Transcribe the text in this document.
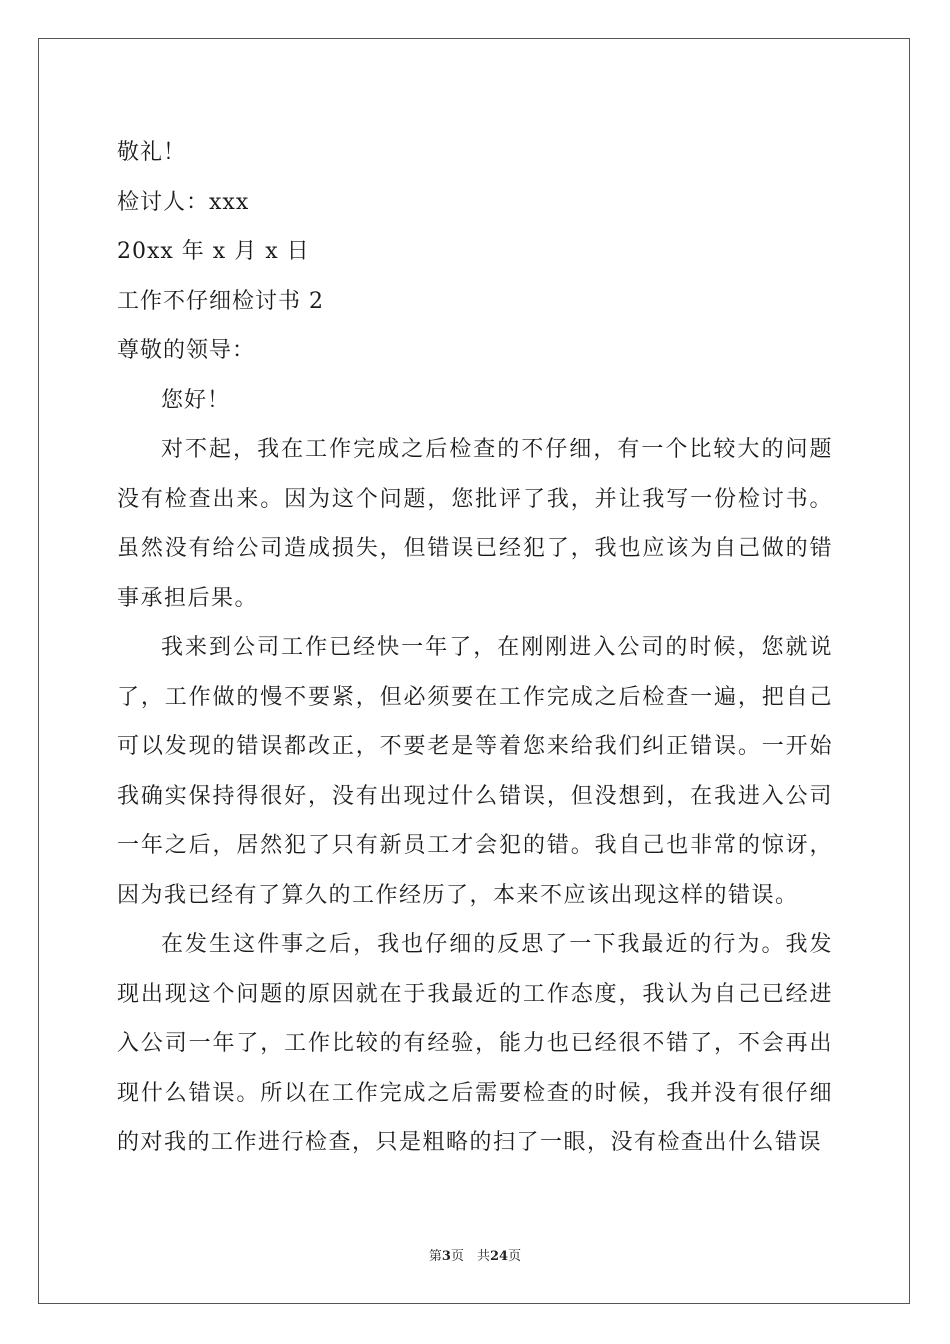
敬礼！
检讨人：xxx
20xx 年 x 月 x 日
工作不仔细检讨书 2
尊敬的领导：
您好！

对不起，我在工作完成之后检查的不仔细，有一个比较大的问题没有检查出来。因为这个问题，您批评了我，并让我写一份检讨书。虽然没有给公司造成损失，但错误已经犯了，我也应该为自己做的错事承担后果。

我来到公司工作已经快一年了，在刚刚进入公司的时候，您就说了，工作做的慢不要紧，但必须要在工作完成之后检查一遍，把自己可以发现的错误都改正，不要老是等着您来给我们纠正错误。一开始我确实保持得很好，没有出现过什么错误，但没想到，在我进入公司一年之后，居然犯了只有新员工才会犯的错。我自己也非常的惊讶，因为我已经有了算久的工作经历了，本来不应该出现这样的错误。

在发生这件事之后，我也仔细的反思了一下我最近的行为。我发现出现这个问题的原因就在于我最近的工作态度，我认为自己已经进入公司一年了，工作比较的有经验，能力也已经很不错了，不会再出现什么错误。所以在工作完成之后需要检查的时候，我并没有很仔细的对我的工作进行检查，只是粗略的扫了一眼，没有检查出什么错误

第3页　共24页
